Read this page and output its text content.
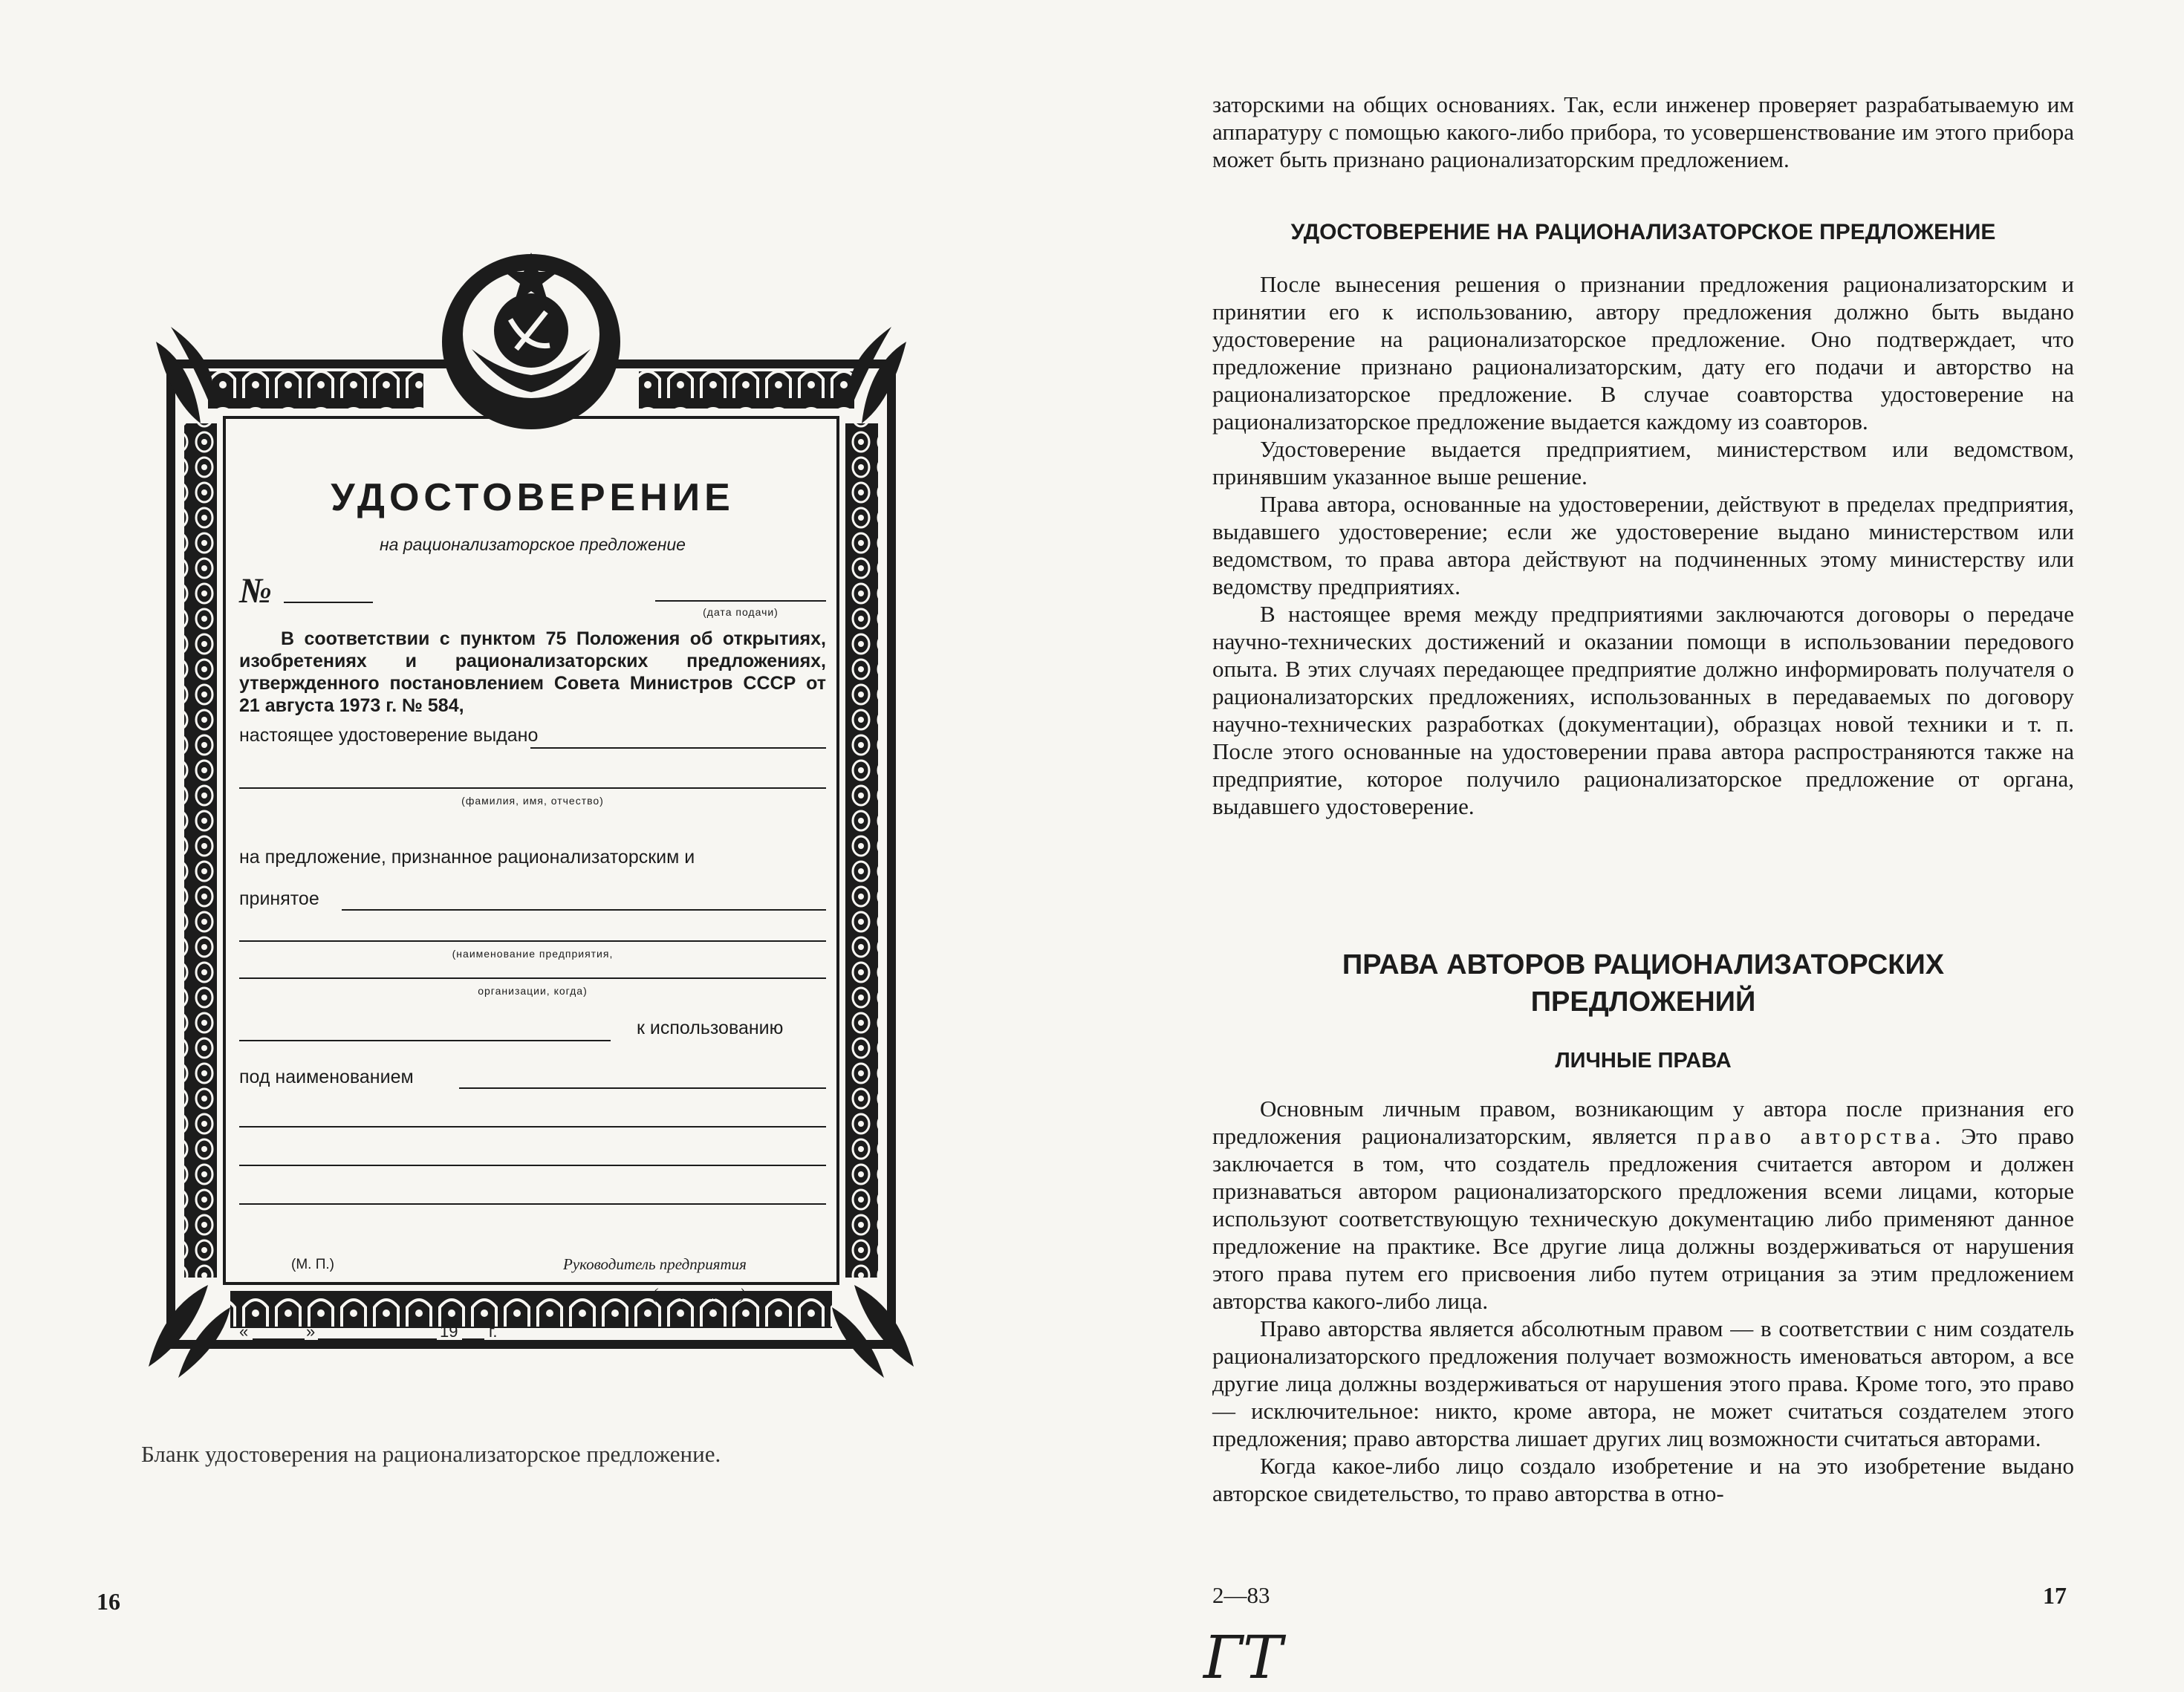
УДОСТОВЕРЕНИЕ
на рационализаторское предложение
№
(дата подачи)
В соответствии с пунктом 75 Положения об открытиях, изобретениях и рационализаторских предложениях, утвержденного постановлением Совета Министров СССР от 21 августа 1973 г. № 584,
настоящее удостоверение выдано
(фамилия, имя, отчество)
на предложение, признанное рационализаторским и
принятое
(наименование предприятия,
организации, когда)
к использованию
под наименованием
(М. П.)	Руководитель предприятия
(организации)
«	»	19 г.
Бланк удостоверения на рационализаторское предложение.
16

заторскими на общих основаниях. Так, если инженер проверяет разрабатываемую им аппаратуру с помощью какого-либо прибора, то усовершенствование им этого прибора может быть признано рационализаторским предложением.

УДОСТОВЕРЕНИЕ НА РАЦИОНАЛИЗАТОРСКОЕ ПРЕДЛОЖЕНИЕ

После вынесения решения о признании предложения рационализаторским и принятии его к использованию, автору предложения должно быть выдано удостоверение на рационализаторское предложение. Оно подтверждает, что предложение признано рационализаторским, дату его подачи и авторство на рационализаторское предложение. В случае соавторства удостоверение на рационализаторское предложение выдается каждому из соавторов.

Удостоверение выдается предприятием, министерством или ведомством, принявшим указанное выше решение.

Права автора, основанные на удостоверении, действуют в пределах предприятия, выдавшего удостоверение; если же удостоверение выдано министерством или ведомством, то права автора действуют на подчиненных этому министерству или ведомству предприятиях.

В настоящее время между предприятиями заключаются договоры о передаче научно-технических достижений и оказании помощи в использовании передового опыта. В этих случаях передающее предприятие должно информировать получателя о рационализаторских предложениях, использованных в передаваемых по договору научно-технических разработках (документации), образцах новой техники и т. п. После этого основанные на удостоверении права автора распространяются также на предприятие, которое получило рационализаторское предложение от органа, выдавшего удостоверение.

ПРАВА АВТОРОВ РАЦИОНАЛИЗАТОРСКИХ
ПРЕДЛОЖЕНИЙ
ЛИЧНЫЕ ПРАВА

Основным личным правом, возникающим у автора после признания его предложения рационализаторским, является право авторства. Это право заключается в том, что создатель предложения считается автором и должен признаваться автором рационализаторского предложения всеми лицами, которые используют соответствующую техническую документацию либо применяют данное предложение на практике. Все другие лица должны воздерживаться от нарушения этого права путем его присвоения либо путем отрицания за этим предложением авторства какого-либо лица.

Право авторства является абсолютным правом — в соответствии с ним создатель рационализаторского предложения получает возможность именоваться автором, а все другие лица должны воздерживаться от нарушения этого права. Кроме того, это право — исключительное: никто, кроме автора, не может считаться создателем этого предложения; право авторства лишает других лиц возможности считаться авторами.

Когда какое-либо лицо создало изобретение и на это изобретение выдано авторское свидетельство, то право авторства в отно-

2—83	17
ГТ
